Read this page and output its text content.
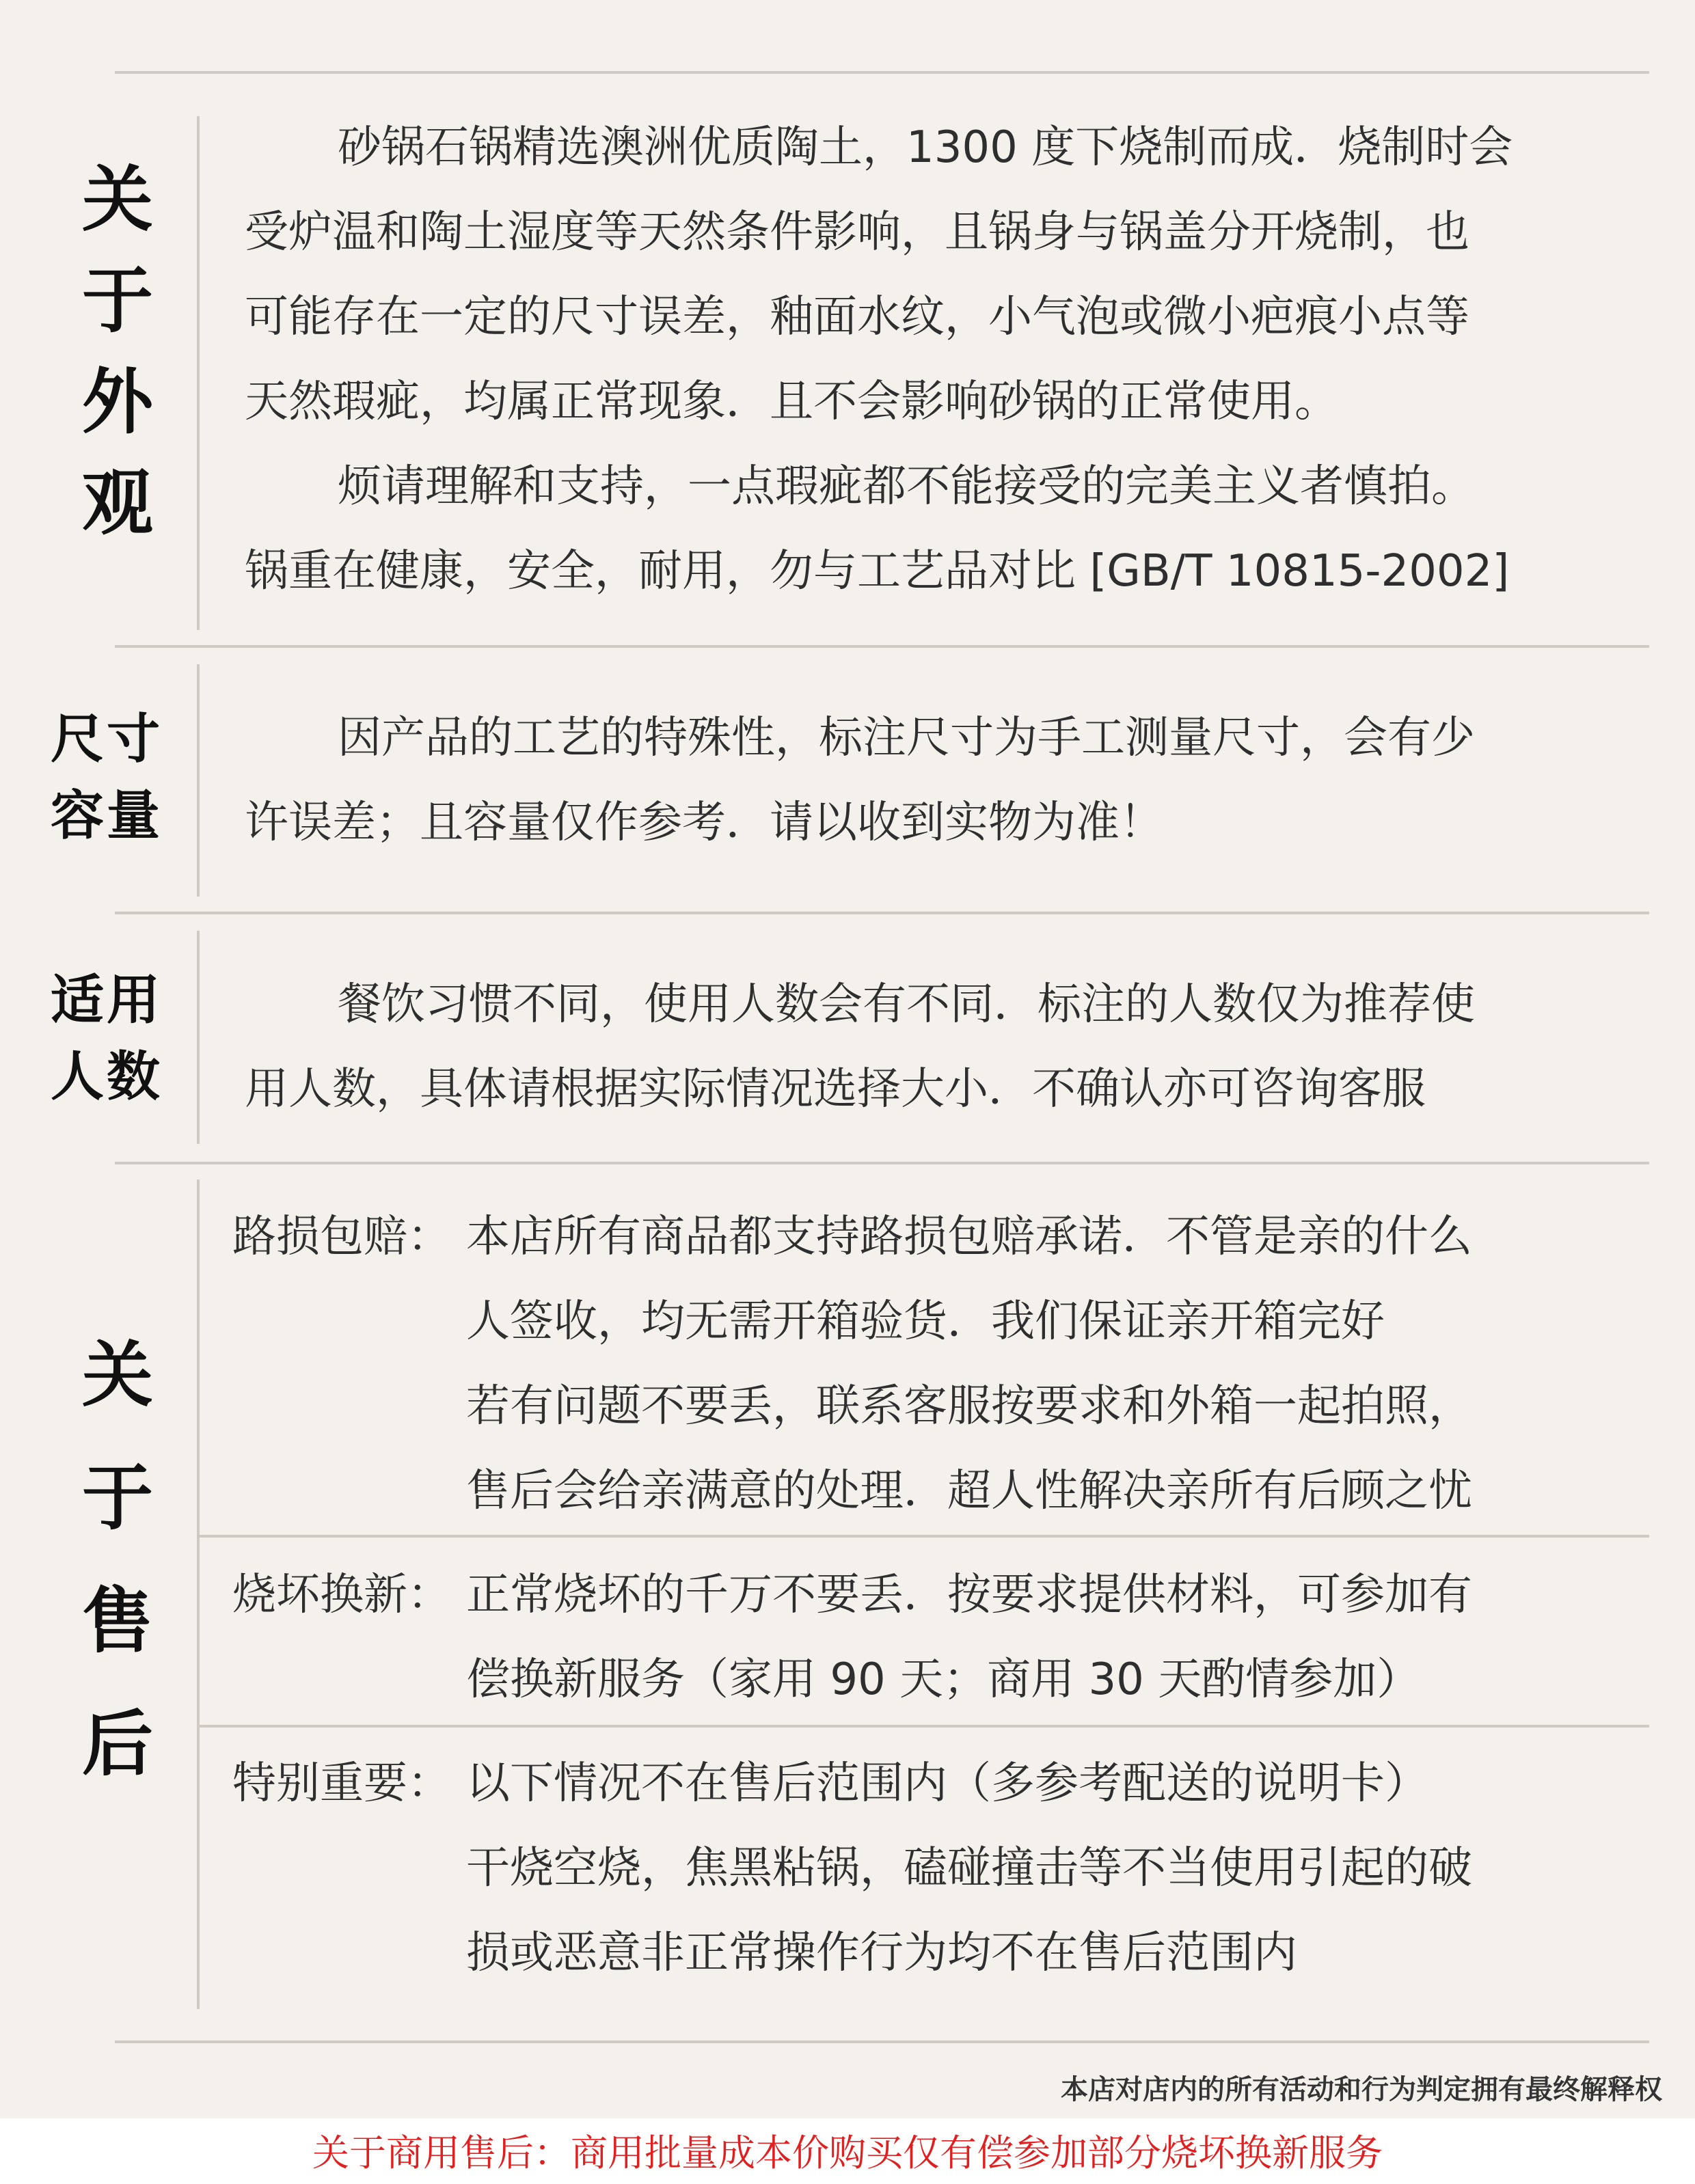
关
于
外
观
砂锅石锅精选澳洲优质陶土，1300 度下烧制而成．烧制时会
受炉温和陶土湿度等天然条件影响，且锅身与锅盖分开烧制，也
可能存在一定的尺寸误差，釉面水纹，小气泡或微小疤痕小点等
天然瑕疵，均属正常现象．且不会影响砂锅的正常使用。
烦请理解和支持，一点瑕疵都不能接受的完美主义者慎拍。
锅重在健康，安全，耐用，勿与工艺品对比 [GB/T 10815-2002]
尺寸
容量
因产品的工艺的特殊性，标注尺寸为手工测量尺寸，会有少
许误差；且容量仅作参考．请以收到实物为准！
适用
人数
餐饮习惯不同，使用人数会有不同．标注的人数仅为推荐使
用人数，具体请根据实际情况选择大小．不确认亦可咨询客服
关
于
售
后
路损包赔： 本店所有商品都支持路损包赔承诺．不管是亲的什么
人签收，均无需开箱验货．我们保证亲开箱完好
若有问题不要丢，联系客服按要求和外箱一起拍照，
售后会给亲满意的处理．超人性解决亲所有后顾之忧
烧坏换新： 正常烧坏的千万不要丢．按要求提供材料，可参加有
偿换新服务（家用 90 天；商用 30 天酌情参加）
特别重要： 以下情况不在售后范围内（多参考配送的说明卡）
干烧空烧，焦黑粘锅，磕碰撞击等不当使用引起的破
损或恶意非正常操作行为均不在售后范围内
本店对店内的所有活动和行为判定拥有最终解释权
关于商用售后：商用批量成本价购买仅有偿参加部分烧坏换新服务
